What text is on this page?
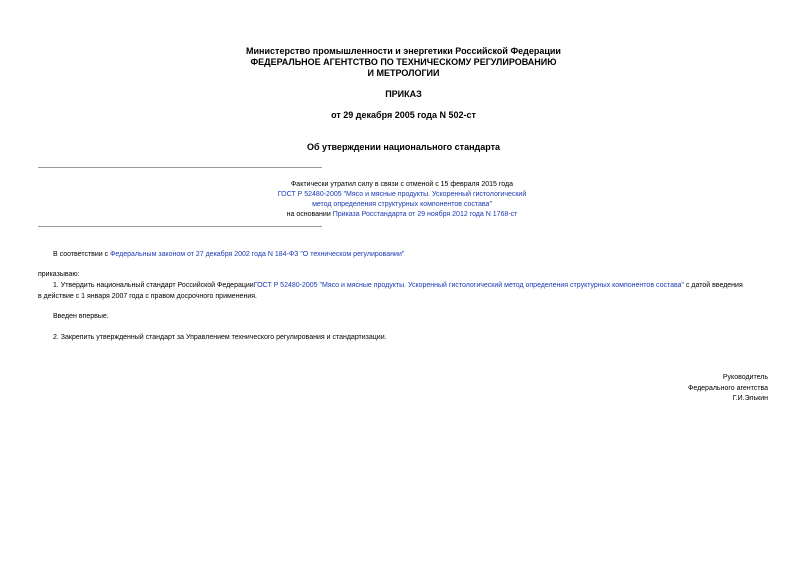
Министерство промышленности и энергетики Российской Федерации
ФЕДЕРАЛЬНОЕ АГЕНТСТВО ПО ТЕХНИЧЕСКОМУ РЕГУЛИРОВАНИЮ
И МЕТРОЛОГИИ
ПРИКАЗ
от 29 декабря 2005 года N 502-ст
Об утверждении национального стандарта
Фактически утратил силу в связи с отменой с 15 февраля 2015 года
ГОСТ Р 52480-2005 "Мясо и мясные продукты. Ускоренный гистологический
метод определения структурных компонентов состава"
на основании Приказа Росстандарта от 29 ноября 2012 года N 1768-ст
В соответствии с Федеральным законом от 27 декабря 2002 года N 184-ФЗ "О техническом регулировании"
приказываю:
1. Утвердить национальный стандарт Российской ФедерацииГОСТ Р 52480-2005 "Мясо и мясные продукты. Ускоренный гистологический метод определения структурных компонентов состава" с датой введения
в действие с 1 января 2007 года с правом досрочного применения.
Введен впервые.
2. Закрепить утвержденный стандарт за Управлением технического регулирования и стандартизации.
Руководитель
Федерального агентства
Г.И.Элькин
